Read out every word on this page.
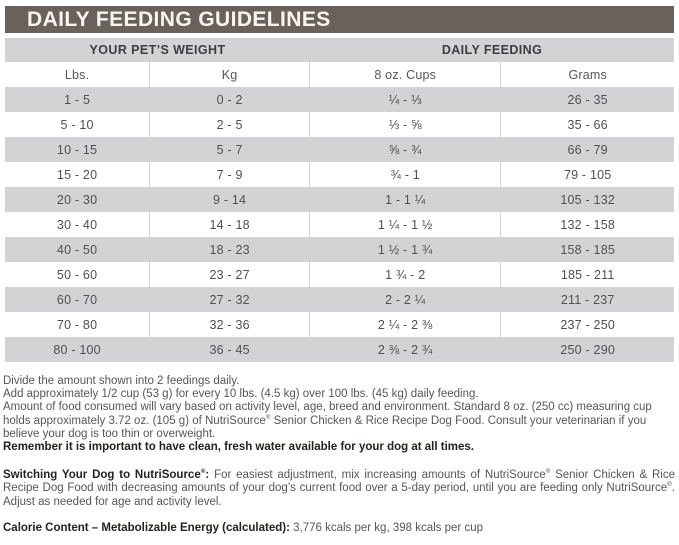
DAILY FEEDING GUIDELINES
YOUR PET’S WEIGHT	DAILY FEEDING
Lbs.	Kg	8 oz. Cups	Grams
1 - 5	0 - 2	¼ - ⅓	26 - 35
5 - 10	2 - 5	⅓ - ⅝	35 - 66
10 - 15	5 - 7	⅝ - ¾	66 - 79
15 - 20	7 - 9	¾ - 1	79 - 105
20 - 30	9 - 14	1 - 1 ¼	105 - 132
30 - 40	14 - 18	1 ¼ - 1 ½	132 - 158
40 - 50	18 - 23	1 ½ - 1 ¾	158 - 185
50 - 60	23 - 27	1 ¾ - 2	185 - 211
60 - 70	27 - 32	2 - 2 ¼	211 - 237
70 - 80	32 - 36	2 ¼ - 2 ⅜	237 - 250
80 - 100	36 - 45	2 ⅜ - 2 ¾	250 - 290

Divide the amount shown into 2 feedings daily.

Add approximately 1/2 cup (53 g) for every 10 lbs. (4.5 kg) over 100 lbs. (45 kg) daily feeding.

Amount of food consumed will vary based on activity level, age, breed and environment. Standard 8 oz. (250 cc) measuring cup holds approximately 3.72 oz. (105 g) of NutriSource® Senior Chicken & Rice Recipe Dog Food. Consult your veterinarian if you believe your dog is too thin or overweight.

Remember it is important to have clean, fresh water available for your dog at all times.

Switching Your Dog to NutriSource®: For easiest adjustment, mix increasing amounts of NutriSource® Senior Chicken & Rice Recipe Dog Food with decreasing amounts of your dog’s current food over a 5-day period, until you are feeding only NutriSource®. Adjust as needed for age and activity level.

Calorie Content – Metabolizable Energy (calculated): 3,776 kcals per kg, 398 kcals per cup
